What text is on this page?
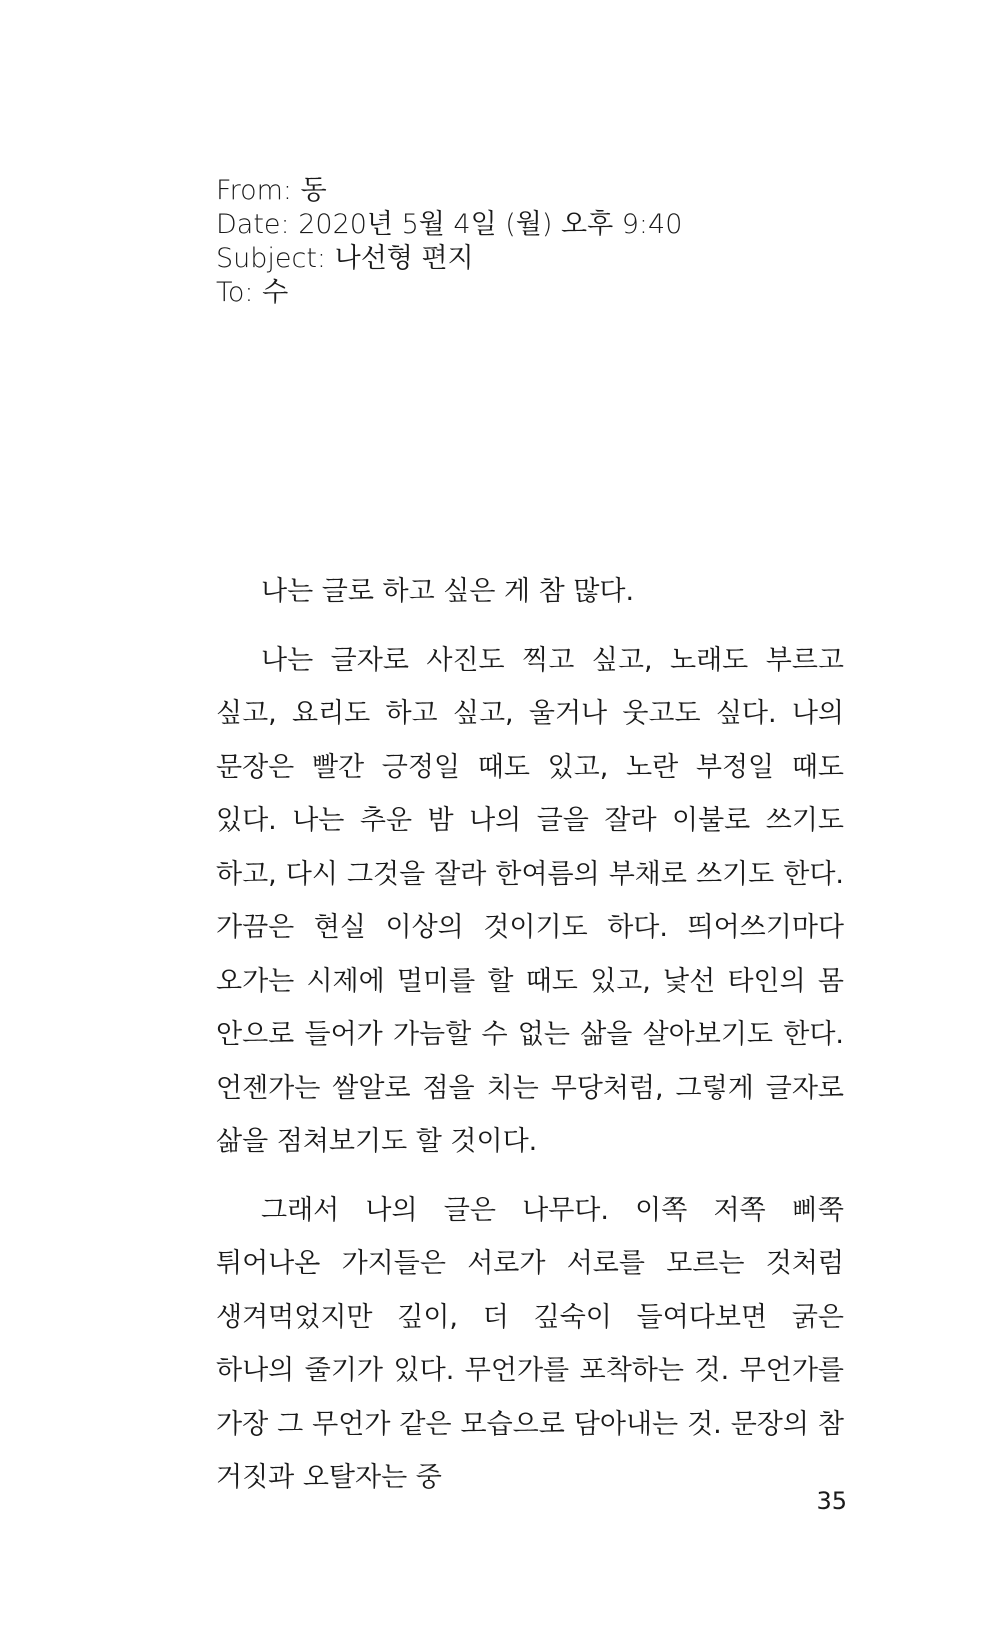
From: 동
Date: 2020년 5월 4일 (월) 오후 9:40
Subject: 나선형 편지
To: 수

나는 글로 하고 싶은 게 참 많다.

나는 글자로 사진도 찍고 싶고, 노래도 부르고 싶고, 요리도 하고 싶고, 울거나 웃고도 싶다. 나의 문장은 빨간 긍정일 때도 있고, 노란 부정일 때도 있다. 나는 추운 밤 나의 글을 잘라 이불로 쓰기도 하고, 다시 그것을 잘라 한여름의 부채로 쓰기도 한다. 가끔은 현실 이상의 것이기도 하다. 띄어쓰기마다 오가는 시제에 멀미를 할 때도 있고, 낯선 타인의 몸 안으로 들어가 가늠할 수 없는 삶을 살아보기도 한다. 언젠가는 쌀알로 점을 치는 무당처럼, 그렇게 글자로 삶을 점쳐보기도 할 것이다.

그래서 나의 글은 나무다. 이쪽 저쪽 삐쭉 튀어나온 가지들은 서로가 서로를 모르는 것처럼 생겨먹었지만 깊이, 더 깊숙이 들여다보면 굵은 하나의 줄기가 있다. 무언가를 포착하는 것. 무언가를 가장 그 무언가 같은 모습으로 담아내는 것. 문장의 참 거짓과 오탈자는 중

35
